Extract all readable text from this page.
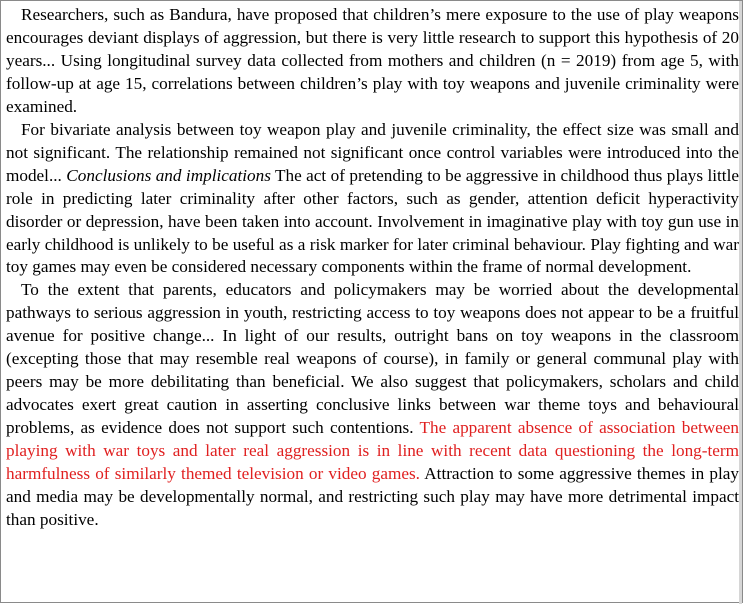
Researchers, such as Bandura, have proposed that children’s mere exposure to the use of play weapons encourages deviant displays of aggression, but there is very little research to support this hypothesis of 20 years... Using longitudinal survey data collected from mothers and children (n = 2019) from age 5, with follow-up at age 15, correlations between children’s play with toy weapons and juvenile criminality were examined.

For bivariate analysis between toy weapon play and juvenile criminality, the effect size was small and not significant. The relationship remained not significant once control variables were introduced into the model... Conclusions and implications The act of pretending to be aggressive in childhood thus plays little role in predicting later criminality after other factors, such as gender, attention deficit hyperactivity disorder or depression, have been taken into account. Involvement in imaginative play with toy gun use in early childhood is unlikely to be useful as a risk marker for later criminal behaviour. Play fighting and war toy games may even be considered necessary components within the frame of normal development.

To the extent that parents, educators and policymakers may be worried about the developmental pathways to serious aggression in youth, restricting access to toy weapons does not appear to be a fruitful avenue for positive change... In light of our results, outright bans on toy weapons in the classroom (excepting those that may resemble real weapons of course), in family or general communal play with peers may be more debilitating than beneficial. We also suggest that policymakers, scholars and child advocates exert great caution in asserting conclusive links between war theme toys and behavioural problems, as evidence does not support such contentions. The apparent absence of association between playing with war toys and later real aggression is in line with recent data questioning the long-term harmfulness of similarly themed television or video games. Attraction to some aggressive themes in play and media may be developmentally normal, and restricting such play may have more detrimental impact than positive.
